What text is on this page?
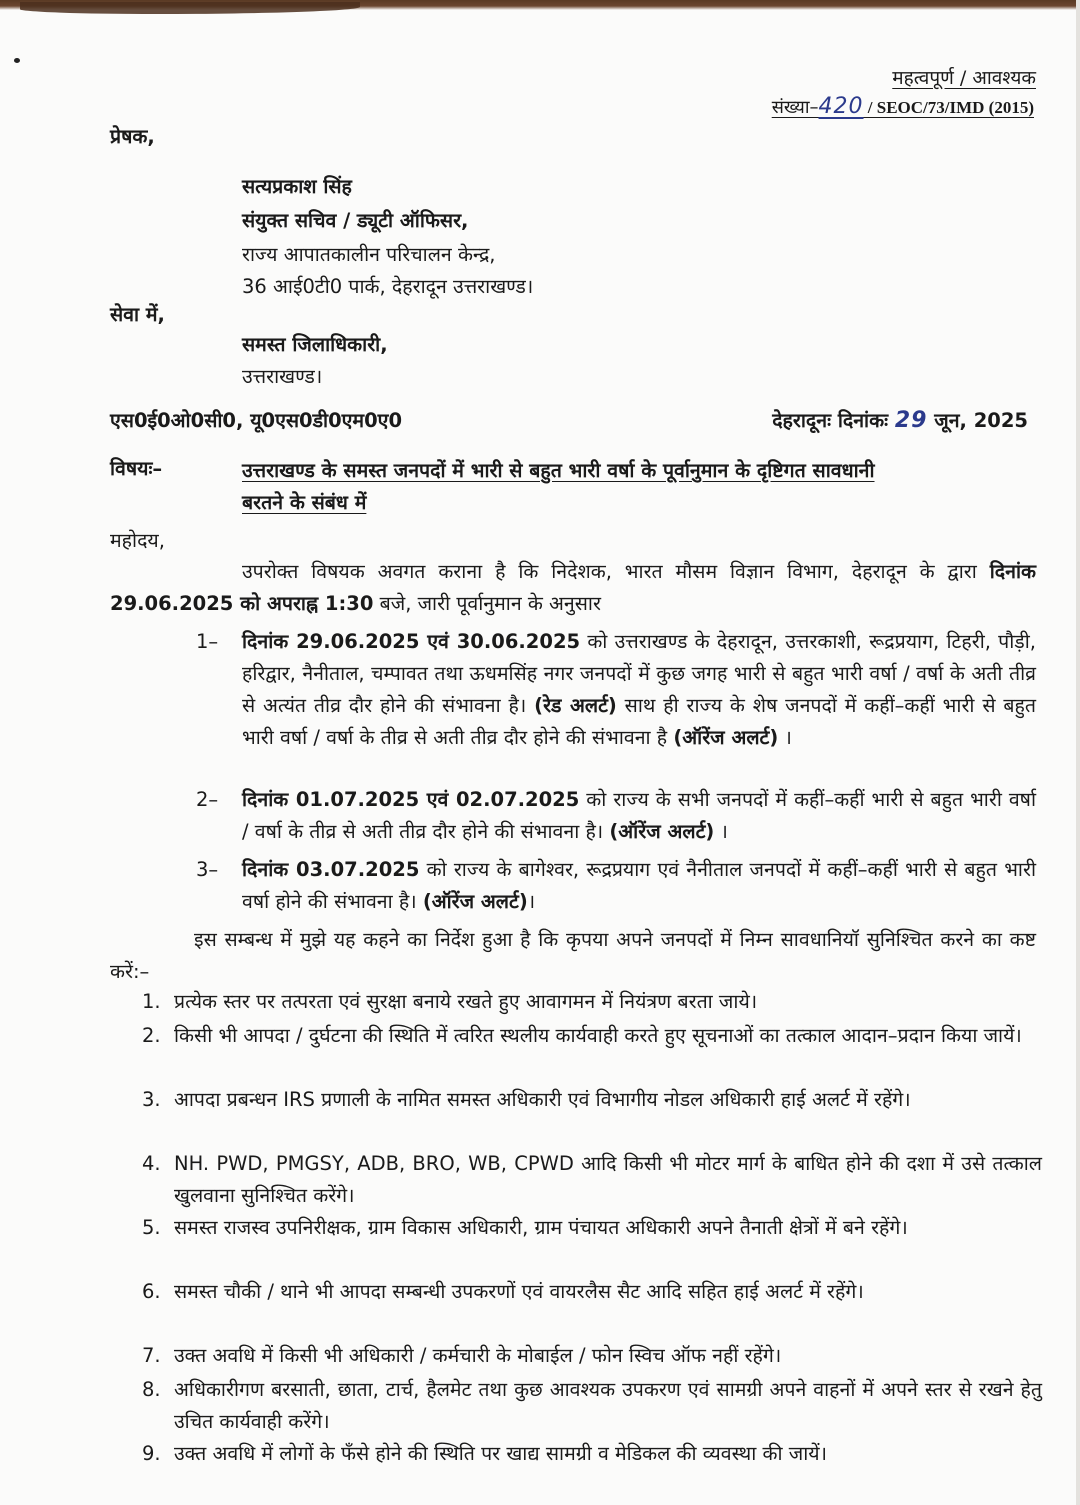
महत्वपूर्ण / आवश्यक
संख्या–420 / SEOC/73/IMD (2015)
प्रेषक,
सत्यप्रकाश सिंह
संयुक्त सचिव / ड्यूटी ऑफिसर,
राज्य आपातकालीन परिचालन केन्द्र,
36 आई0टी0 पार्क, देहरादून उत्तराखण्ड।
सेवा में,
समस्त जिलाधिकारी,
उत्तराखण्ड।
एस0ई0ओ0सी0, यू0एस0डी0एम0ए0	देहरादूनः दिनांकः 29 जून, 2025
विषयः–	उत्तराखण्ड के समस्त जनपदों में भारी से बहुत भारी वर्षा के पूर्वानुमान के दृष्टिगत सावधानी
बरतने के संबंध में
महोदय,
उपरोक्त विषयक अवगत कराना है कि निदेशक, भारत मौसम विज्ञान विभाग, देहरादून के द्वारा दिनांक 29.06.2025 को अपराह्न 1:30 बजे, जारी पूर्वानुमान के अनुसार
1– दिनांक 29.06.2025 एवं 30.06.2025 को उत्तराखण्ड के देहरादून, उत्तरकाशी, रूद्रप्रयाग, टिहरी, पौड़ी, हरिद्वार, नैनीताल, चम्पावत तथा ऊधमसिंह नगर जनपदों में कुछ जगह भारी से बहुत भारी वर्षा / वर्षा के अती तीव्र से अत्यंत तीव्र दौर होने की संभावना है। (रेड अलर्ट) साथ ही राज्य के शेष जनपदों में कहीं–कहीं भारी से बहुत भारी वर्षा / वर्षा के तीव्र से अती तीव्र दौर होने की संभावना है (ऑरेंज अलर्ट) ।
2– दिनांक 01.07.2025 एवं 02.07.2025 को राज्य के सभी जनपदों में कहीं–कहीं भारी से बहुत भारी वर्षा / वर्षा के तीव्र से अती तीव्र दौर होने की संभावना है। (ऑरेंज अलर्ट) ।
3– दिनांक 03.07.2025 को राज्य के बागेश्वर, रूद्रप्रयाग एवं नैनीताल जनपदों में कहीं–कहीं भारी से बहुत भारी वर्षा होने की संभावना है। (ऑरेंज अलर्ट)।
इस सम्बन्ध में मुझे यह कहने का निर्देश हुआ है कि कृपया अपने जनपदों में निम्न सावधानियॉ सुनिश्चित करने का कष्ट करें:–
1. प्रत्येक स्तर पर तत्परता एवं सुरक्षा बनाये रखते हुए आवागमन में नियंत्रण बरता जाये।
2. किसी भी आपदा / दुर्घटना की स्थिति में त्वरित स्थलीय कार्यवाही करते हुए सूचनाओं का तत्काल आदान–प्रदान किया जायें।
3. आपदा प्रबन्धन IRS प्रणाली के नामित समस्त अधिकारी एवं विभागीय नोडल अधिकारी हाई अलर्ट में रहेंगे।
4. NH. PWD, PMGSY, ADB, BRO, WB, CPWD आदि किसी भी मोटर मार्ग के बाधित होने की दशा में उसे तत्काल खुलवाना सुनिश्चित करेंगे।
5. समस्त राजस्व उपनिरीक्षक, ग्राम विकास अधिकारी, ग्राम पंचायत अधिकारी अपने तैनाती क्षेत्रों में बने रहेंगे।
6. समस्त चौकी / थाने भी आपदा सम्बन्धी उपकरणों एवं वायरलैस सैट आदि सहित हाई अलर्ट में रहेंगे।
7. उक्त अवधि में किसी भी अधिकारी / कर्मचारी के मोबाईल / फोन स्विच ऑफ नहीं रहेंगे।
8. अधिकारीगण बरसाती, छाता, टार्च, हैलमेट तथा कुछ आवश्यक उपकरण एवं सामग्री अपने वाहनों में अपने स्तर से रखने हेतु उचित कार्यवाही करेंगे।
9. उक्त अवधि में लोगों के फँसे होने की स्थिति पर खाद्य सामग्री व मेडिकल की व्यवस्था की जायें।
